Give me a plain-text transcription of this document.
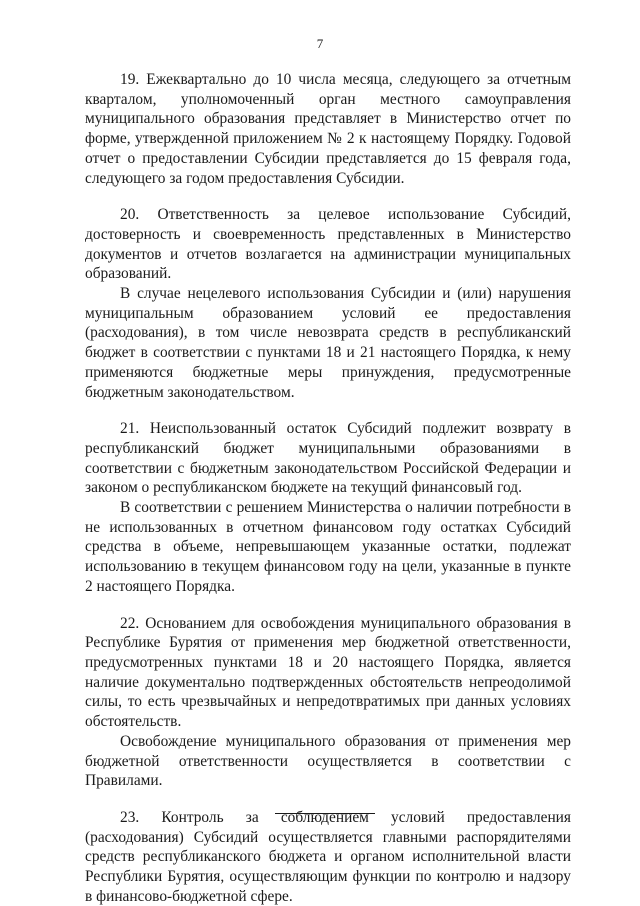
7

19. Ежеквартально до 10 числа месяца, следующего за отчетным кварталом, уполномоченный орган местного самоуправления муниципального образования представляет в Министерство отчет по форме, утвержденной приложением № 2 к настоящему Порядку. Годовой отчет о предоставлении Субсидии представляется до 15 февраля года, следующего за годом предоставления Субсидии.

20. Ответственность за целевое использование Субсидий, достоверность и своевременность представленных в Министерство документов и отчетов возлагается на администрации муниципальных образований.

В случае нецелевого использования Субсидии и (или) нарушения муниципальным образованием условий ее предоставления (расходования), в том числе невозврата средств в республиканский бюджет в соответствии с пунктами 18 и 21 настоящего Порядка, к нему применяются бюджетные меры принуждения, предусмотренные бюджетным законодательством.

21. Неиспользованный остаток Субсидий подлежит возврату в республиканский бюджет муниципальными образованиями в соответствии с бюджетным законодательством Российской Федерации и законом о республиканском бюджете на текущий финансовый год.

В соответствии с решением Министерства о наличии потребности в не использованных в отчетном финансовом году остатках Субсидий средства в объеме, непревышающем указанные остатки, подлежат использованию в текущем финансовом году на цели, указанные в пункте 2 настоящего Порядка.

22. Основанием для освобождения муниципального образования в Республике Бурятия от применения мер бюджетной ответственности, предусмотренных пунктами 18 и 20 настоящего Порядка, является наличие документально подтвержденных обстоятельств непреодолимой силы, то есть чрезвычайных и непредотвратимых при данных условиях обстоятельств.

Освобождение муниципального образования от применения мер бюджетной ответственности осуществляется в соответствии с Правилами.

23. Контроль за соблюдением условий предоставления (расходования) Субсидий осуществляется главными распорядителями средств республиканского бюджета и органом исполнительной власти Республики Бурятия, осуществляющим функции по контролю и надзору в финансово-бюджетной сфере.
